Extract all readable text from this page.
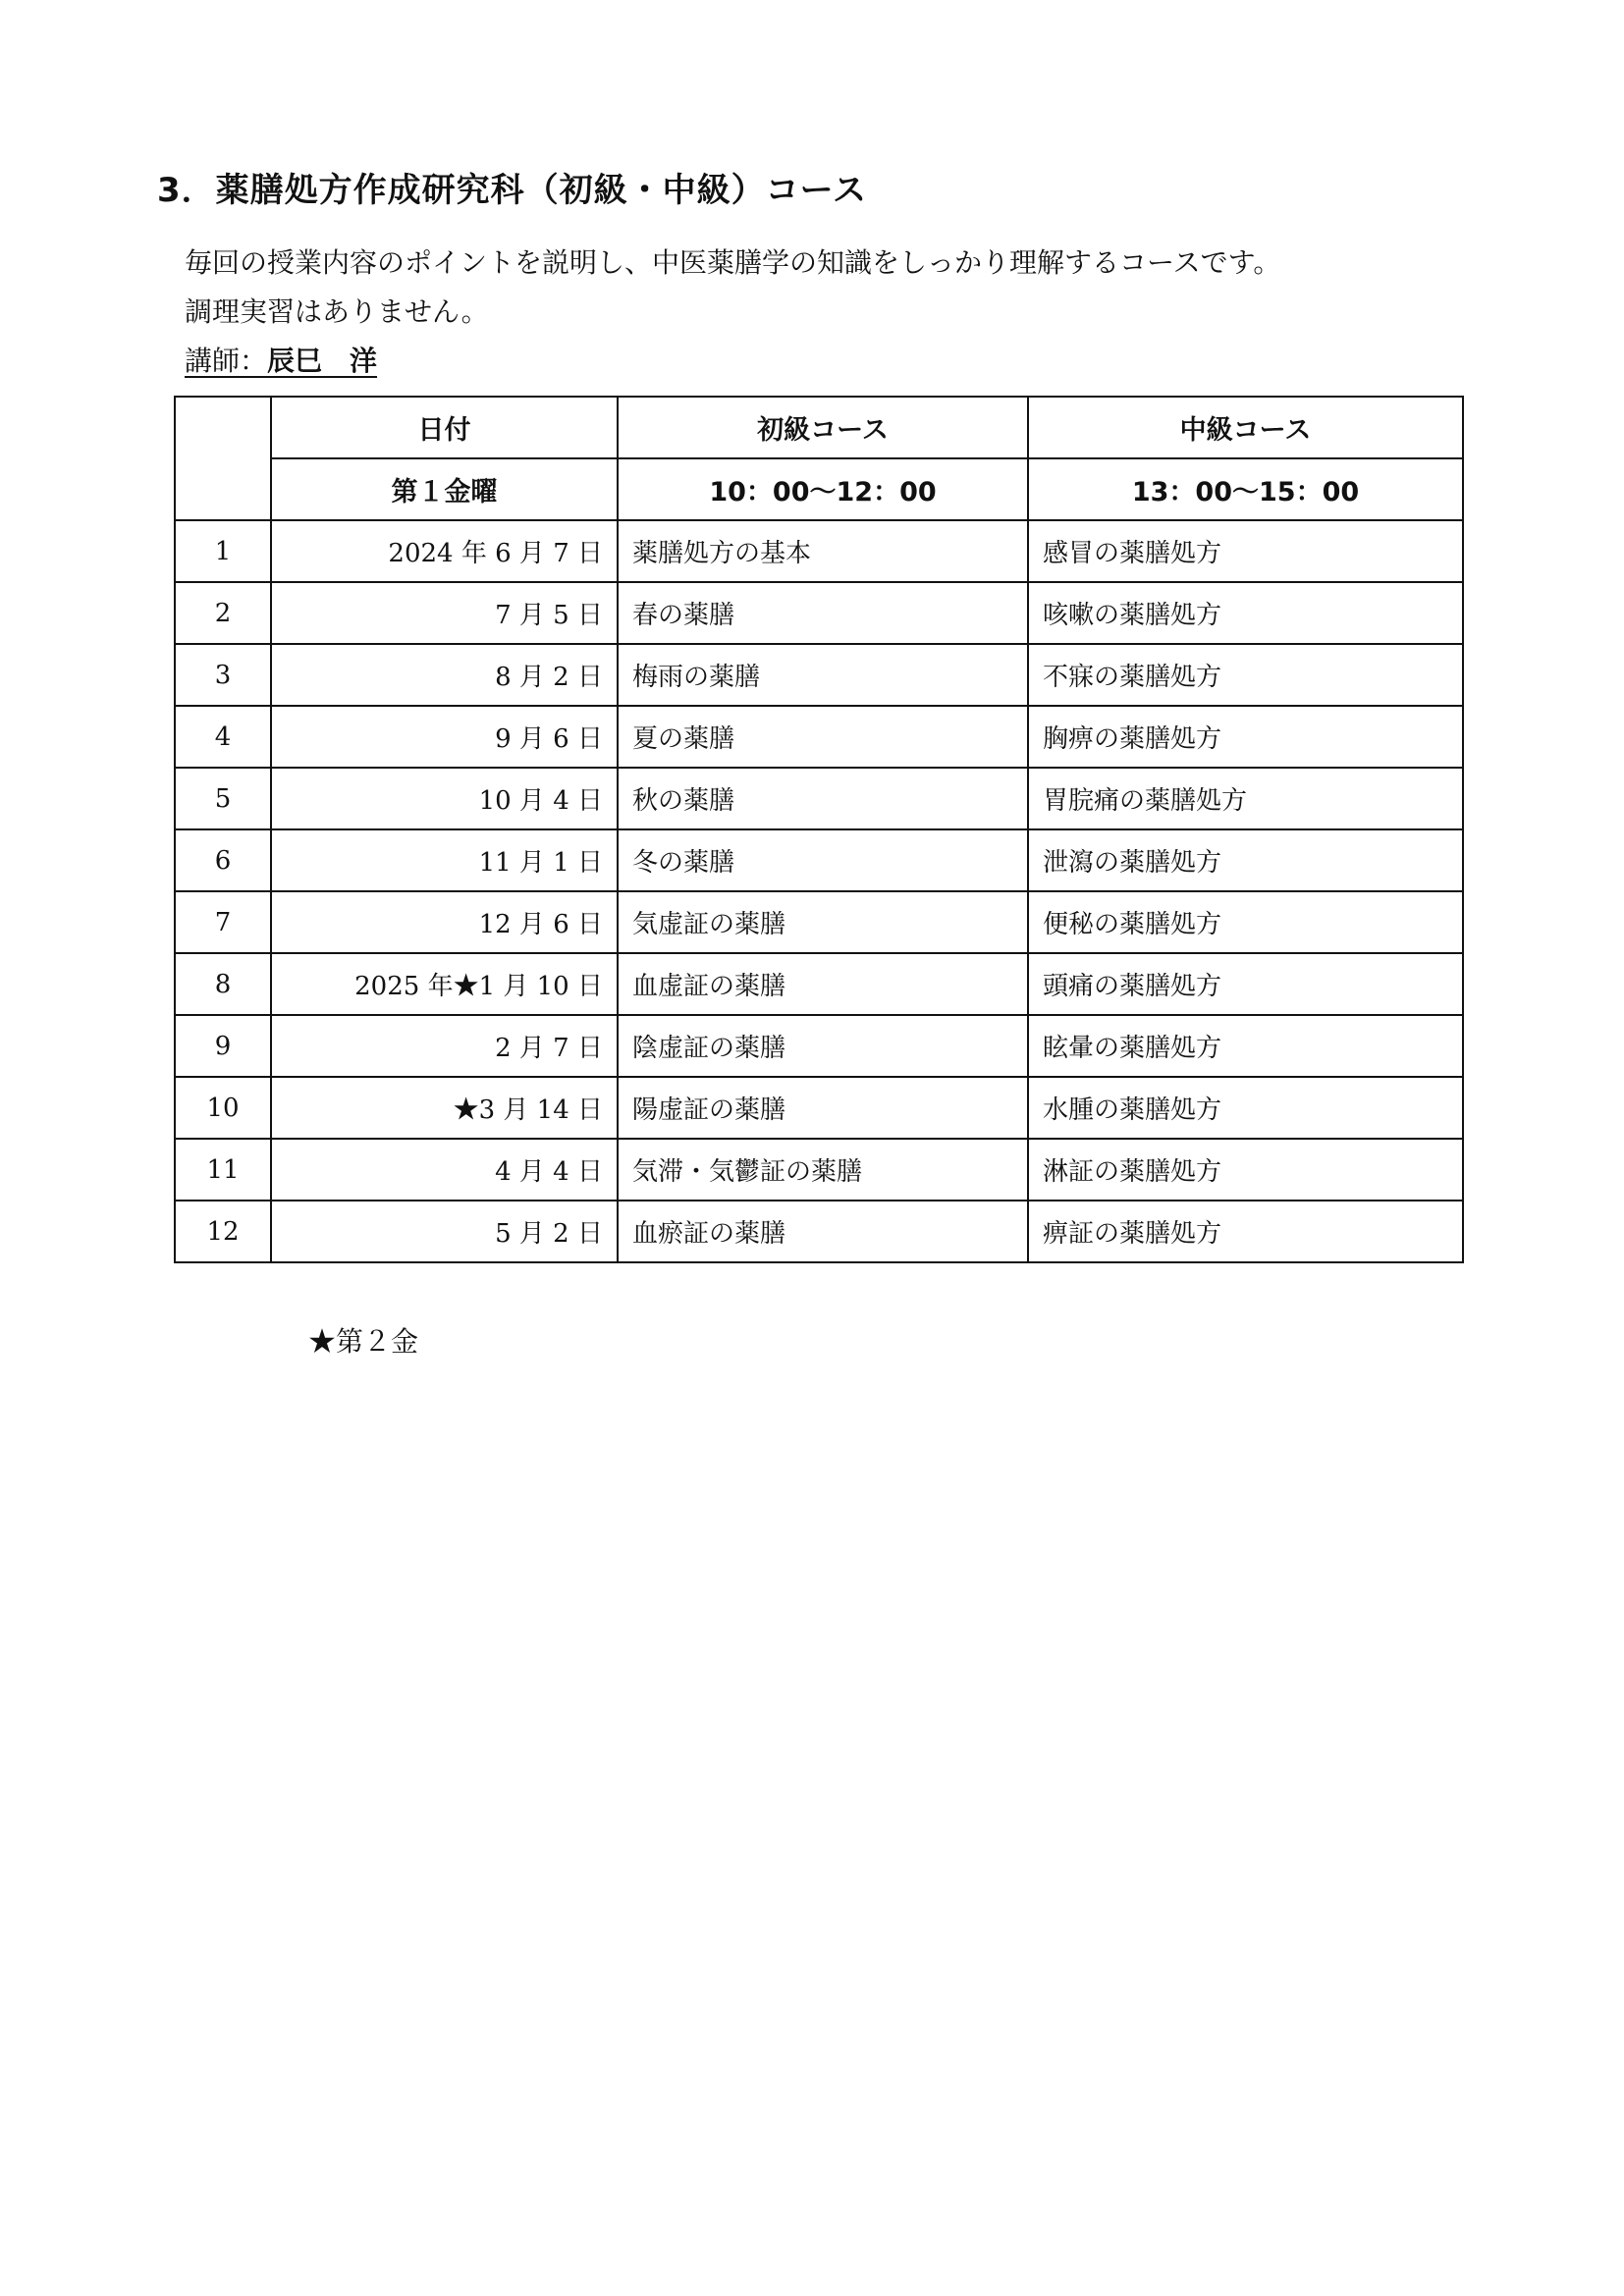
3．薬膳処方作成研究科（初級・中級）コース
毎回の授業内容のポイントを説明し、中医薬膳学の知識をしっかり理解するコースです。
調理実習はありません。
講師：辰巳　洋
	日付	初級コース	中級コース
	第１金曜	10：00～12：00	13：00～15：00
1	2024 年 6 月 7 日	薬膳処方の基本	感冒の薬膳処方
2	7 月 5 日	春の薬膳	咳嗽の薬膳処方
3	8 月 2 日	梅雨の薬膳	不寐の薬膳処方
4	9 月 6 日	夏の薬膳	胸痹の薬膳処方
5	10 月 4 日	秋の薬膳	胃脘痛の薬膳処方
6	11 月 1 日	冬の薬膳	泄瀉の薬膳処方
7	12 月 6 日	気虚証の薬膳	便秘の薬膳処方
8	2025 年★1 月 10 日	血虚証の薬膳	頭痛の薬膳処方
9	2 月 7 日	陰虚証の薬膳	眩暈の薬膳処方
10	★3 月 14 日	陽虚証の薬膳	水腫の薬膳処方
11	4 月 4 日	気滞・気鬱証の薬膳	淋証の薬膳処方
12	5 月 2 日	血瘀証の薬膳	痹証の薬膳処方
★第２金
